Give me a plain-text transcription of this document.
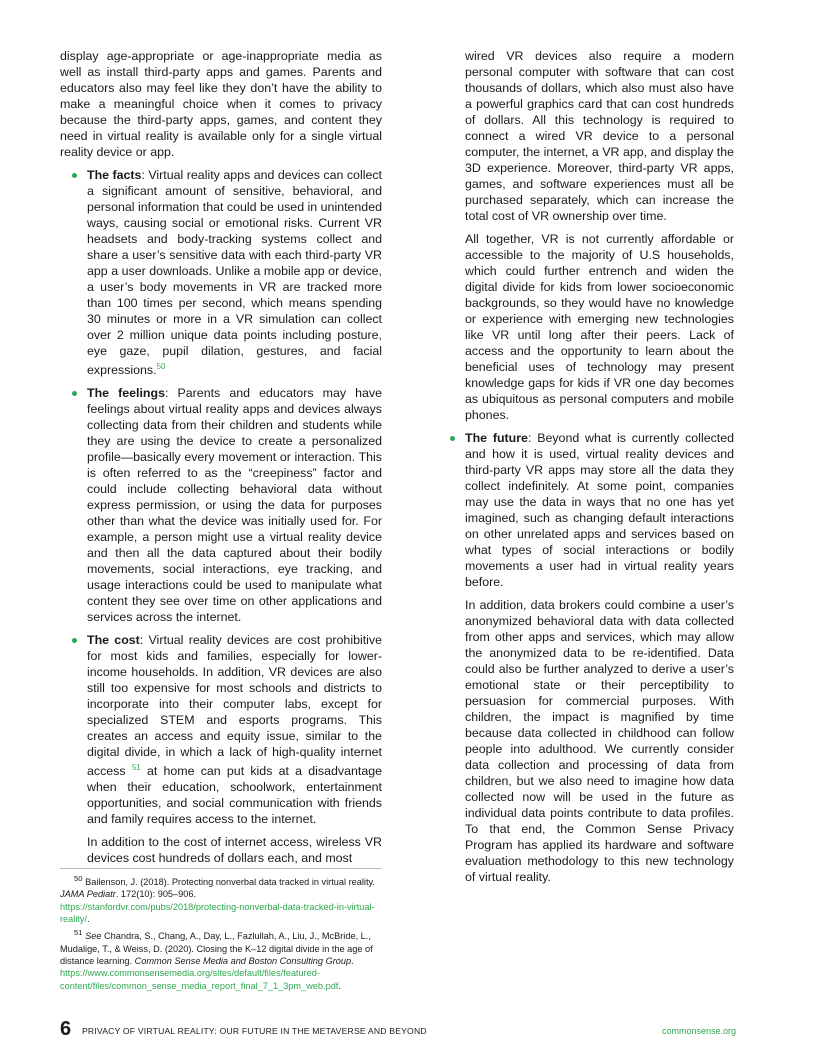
display age-appropriate or age-inappropriate media as well as install third-party apps and games. Parents and educators also may feel like they don’t have the ability to make a meaningful choice when it comes to privacy because the third-party apps, games, and content they need in virtual reality is available only for a single virtual reality device or app.

The facts: Virtual reality apps and devices can collect a significant amount of sensitive, behavioral, and personal information that could be used in unintended ways, causing social or emotional risks. Current VR headsets and body-tracking systems collect and share a user’s sensitive data with each third-party VR app a user downloads. Unlike a mobile app or device, a user’s body movements in VR are tracked more than 100 times per second, which means spending 30 minutes or more in a VR simulation can collect over 2 million unique data points including posture, eye gaze, pupil dilation, gestures, and facial expressions.$^{50}$
The feelings: Parents and educators may have feelings about virtual reality apps and devices always collecting data from their children and students while they are using the device to create a personalized profile—basically every movement or interaction. This is often referred to as the “creepiness” factor and could include collecting behavioral data without express permission, or using the data for purposes other than what the device was initially used for. For example, a person might use a virtual reality device and then all the data captured about their bodily movements, social interactions, eye tracking, and usage interactions could be used to manipulate what content they see over time on other applications and services across the internet.
The cost: Virtual reality devices are cost prohibitive for most kids and families, especially for lower-income households. In addition, VR devices are also still too expensive for most schools and districts to incorporate into their computer labs, except for specialized STEM and esports programs. This creates an access and equity issue, similar to the digital divide, in which a lack of high-quality internet access $^{51}$ at home can put kids at a disadvantage when their education, schoolwork, entertainment opportunities, and social communication with friends and family requires access to the internet.

In addition to the cost of internet access, wireless VR devices cost hundreds of dollars each, and most

wired VR devices also require a modern personal computer with software that can cost thousands of dollars, which also must also have a powerful graphics card that can cost hundreds of dollars. All this technology is required to connect a wired VR device to a personal computer, the internet, a VR app, and display the 3D experience. Moreover, third-party VR apps, games, and software experiences must all be purchased separately, which can increase the total cost of VR ownership over time.

All together, VR is not currently affordable or accessible to the majority of U.S households, which could further entrench and widen the digital divide for kids from lower socioeconomic backgrounds, so they would have no knowledge or experience with emerging new technologies like VR until long after their peers. Lack of access and the opportunity to learn about the beneficial uses of technology may present knowledge gaps for kids if VR one day becomes as ubiquitous as personal computers and mobile phones.

The future: Beyond what is currently collected and how it is used, virtual reality devices and third-party VR apps may store all the data they collect indefinitely. At some point, companies may use the data in ways that no one has yet imagined, such as changing default interactions on other unrelated apps and services based on what types of social interactions or bodily movements a user had in virtual reality years before.

In addition, data brokers could combine a user’s anonymized behavioral data with data collected from other apps and services, which may allow the anonymized data to be re-identified. Data could also be further analyzed to derive a user’s emotional state or their perceptibility to persuasion for commercial purposes. With children, the impact is magnified by time because data collected in childhood can follow people into adulthood. We currently consider data collection and processing of data from children, but we also need to imagine how data collected now will be used in the future as individual data points contribute to data profiles. To that end, the Common Sense Privacy Program has applied its hardware and software evaluation methodology to this new technology of virtual reality.

$^{50}$ Bailenson, J. (2018). Protecting nonverbal data tracked in virtual reality. JAMA Pediatr. 172(10): 905–906.
https://stanfordvr.com/pubs/2018/protecting-nonverbal-data-tracked-in-virtual-reality/.

$^{51}$ See Chandra, S., Chang, A., Day, L., Fazlullah, A., Liu, J., McBride, L., Mudalige, T., & Weiss, D. (2020). Closing the K–12 digital divide in the age of distance learning. Common Sense Media and Boston Consulting Group.
https://www.commonsensemedia.org/sites/default/files/featured-content/files/common_sense_media_report_final_7_1_3pm_web.pdf.

6 PRIVACY OF VIRTUAL REALITY: OUR FUTURE IN THE METAVERSE AND BEYOND	commonsense.org
